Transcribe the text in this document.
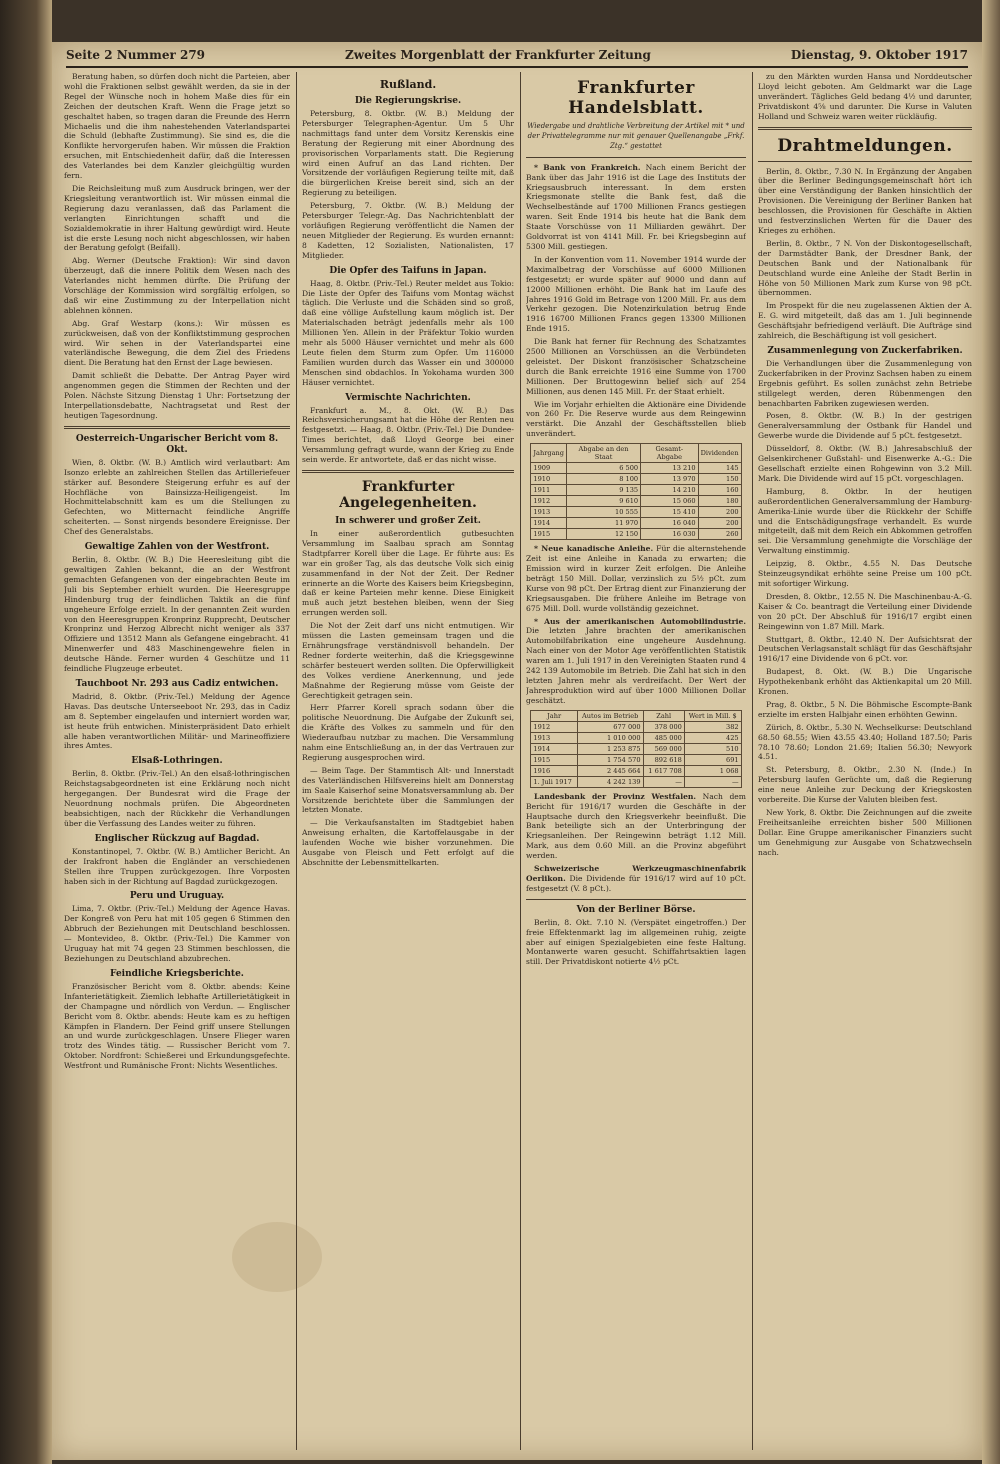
Seite 2 Nummer 279	Zweites Morgenblatt der Frankfurter Zeitung	Dienstag, 9. Oktober 1917

Beratung haben, so dürfen doch nicht die Parteien, aber wohl die Fraktionen selbst gewählt werden, da sie in der Regel der Wünsche noch in hohem Maße dies für ein Zeichen der deutschen Kraft. Wenn die Frage jetzt so geschaltet haben, so tragen daran die Freunde des Herrn Michaelis und die ihm nahestehenden Vaterlandspartei die Schuld (lebhafte Zustimmung). Sie sind es, die die Konflikte hervorgerufen haben. Wir müssen die Fraktion ersuchen, mit Entschiedenheit dafür, daß die Interessen des Vaterlandes bei dem Kanzler gleichgültig wurden fern.

Die Reichsleitung muß zum Ausdruck bringen, wer der Kriegsleitung verantwortlich ist. Wir müssen einmal die Regierung dazu veranlassen, daß das Parlament die verlangten Einrichtungen schafft und die Sozialdemokratie in ihrer Haltung gewürdigt wird. Heute ist die erste Lesung noch nicht abgeschlossen, wir haben der Beratung gefolgt (Beifall).

Abg. Werner (Deutsche Fraktion): Wir sind davon überzeugt, daß die innere Politik dem Wesen nach des Vaterlandes nicht hemmen dürfte. Die Prüfung der Vorschläge der Kommission wird sorgfältig erfolgen, so daß wir eine Zustimmung zu der Interpellation nicht ablehnen können.

Abg. Graf Westarp (kons.): Wir müssen es zurückweisen, daß von der Konfliktstimmung gesprochen wird. Wir sehen in der Vaterlandspartei eine vaterländische Bewegung, die dem Ziel des Friedens dient. Die Beratung hat den Ernst der Lage bewiesen.

Damit schließt die Debatte. Der Antrag Payer wird angenommen gegen die Stimmen der Rechten und der Polen. Nächste Sitzung Dienstag 1 Uhr: Fortsetzung der Interpellationsdebatte, Nachtragsetat und Rest der heutigen Tagesordnung.

Oesterreich-Ungarischer Bericht vom 8. Okt.

Wien, 8. Oktbr. (W. B.) Amtlich wird verlautbart: Am Isonzo erlebte an zahlreichen Stellen das Artilleriefeuer stärker auf. Besondere Steigerung erfuhr es auf der Hochfläche von Bainsizza-Heiligengeist. Im Hochmittelabschnitt kam es um die Stellungen zu Gefechten, wo Mitternacht feindliche Angriffe scheiterten. — Sonst nirgends besondere Ereignisse. Der Chef des Generalstabs.

Gewaltige Zahlen von der Westfront.

Berlin, 8. Oktbr. (W. B.) Die Heeresleitung gibt die gewaltigen Zahlen bekannt, die an der Westfront gemachten Gefangenen von der eingebrachten Beute im Juli bis September erhielt wurden. Die Heeresgruppe Hindenburg trug der feindlichen Taktik an die fünf ungeheure Erfolge erzielt. In der genannten Zeit wurden von den Heeresgruppen Kronprinz Rupprecht, Deutscher Kronprinz und Herzog Albrecht nicht weniger als 337 Offiziere und 13512 Mann als Gefangene eingebracht. 41 Minenwerfer und 483 Maschinengewehre fielen in deutsche Hände. Ferner wurden 4 Geschütze und 11 feindliche Flugzeuge erbeutet.

Tauchboot Nr. 293 aus Cadiz entwichen.

Madrid, 8. Oktbr. (Priv.-Tel.) Meldung der Agence Havas. Das deutsche Unterseeboot Nr. 293, das in Cadiz am 8. September eingelaufen und interniert worden war, ist heute früh entwichen. Ministerpräsident Dato erhielt alle haben verantwortlichen Militär- und Marineoffiziere ihres Amtes.

Elsaß-Lothringen.

Berlin, 8. Oktbr. (Priv.-Tel.) An den elsaß-lothringischen Reichstagsabgeordneten ist eine Erklärung noch nicht hergegangen. Der Bundesrat wird die Frage der Neuordnung nochmals prüfen. Die Abgeordneten beabsichtigen, nach der Rückkehr die Verhandlungen über die Verfassung des Landes weiter zu führen.

Englischer Rückzug auf Bagdad.

Konstantinopel, 7. Oktbr. (W. B.) Amtlicher Bericht. An der Irakfront haben die Engländer an verschiedenen Stellen ihre Truppen zurückgezogen. Ihre Vorposten haben sich in der Richtung auf Bagdad zurückgezogen.

Peru und Uruguay.

Lima, 7. Oktbr. (Priv.-Tel.) Meldung der Agence Havas. Der Kongreß von Peru hat mit 105 gegen 6 Stimmen den Abbruch der Beziehungen mit Deutschland beschlossen. — Montevideo, 8. Oktbr. (Priv.-Tel.) Die Kammer von Uruguay hat mit 74 gegen 23 Stimmen beschlossen, die Beziehungen zu Deutschland abzubrechen.

Feindliche Kriegsberichte.

Französischer Bericht vom 8. Oktbr. abends: Keine Infanterietätigkeit. Ziemlich lebhafte Artillerietätigkeit in der Champagne und nördlich von Verdun. — Englischer Bericht vom 8. Oktbr. abends: Heute kam es zu heftigen Kämpfen in Flandern. Der Feind griff unsere Stellungen an und wurde zurückgeschlagen. Unsere Flieger waren trotz des Windes tätig. — Russischer Bericht vom 7. Oktober. Nordfront: Schießerei und Erkundungsgefechte. Westfront und Rumänische Front: Nichts Wesentliches.

Rußland.
Die Regierungskrise.

Petersburg, 8. Oktbr. (W. B.) Meldung der Petersburger Telegraphen-Agentur. Um 5 Uhr nachmittags fand unter dem Vorsitz Kerenskis eine Beratung der Regierung mit einer Abordnung des provisorischen Vorparlaments statt. Die Regierung wird einen Aufruf an das Land richten. Der Vorsitzende der vorläufigen Regierung teilte mit, daß die bürgerlichen Kreise bereit sind, sich an der Regierung zu beteiligen.

Petersburg, 7. Oktbr. (W. B.) Meldung der Petersburger Telegr.-Ag. Das Nachrichtenblatt der vorläufigen Regierung veröffentlicht die Namen der neuen Mitglieder der Regierung. Es wurden ernannt: 8 Kadetten, 12 Sozialisten, Nationalisten, 17 Mitglieder.

Die Opfer des Taifuns in Japan.

Haag, 8. Oktbr. (Priv.-Tel.) Reuter meldet aus Tokio: Die Liste der Opfer des Taifuns vom Montag wächst täglich. Die Verluste und die Schäden sind so groß, daß eine völlige Aufstellung kaum möglich ist. Der Materialschaden beträgt jedenfalls mehr als 100 Millionen Yen. Allein in der Präfektur Tokio wurden mehr als 5000 Häuser vernichtet und mehr als 600 Leute fielen dem Sturm zum Opfer. Um 116000 Familien wurden durch das Wasser ein und 300000 Menschen sind obdachlos. In Yokohama wurden 300 Häuser vernichtet.

Vermischte Nachrichten.

Frankfurt a. M., 8. Okt. (W. B.) Das Reichsversicherungsamt hat die Höhe der Renten neu festgesetzt. — Haag, 8. Oktbr. (Priv.-Tel.) Die Dundee-Times berichtet, daß Lloyd George bei einer Versammlung gefragt wurde, wann der Krieg zu Ende sein werde. Er antwortete, daß er das nicht wisse.

Frankfurter Angelegenheiten.
In schwerer und großer Zeit.

In einer außerordentlich gutbesuchten Versammlung im Saalbau sprach am Sonntag Stadtpfarrer Korell über die Lage. Er führte aus: Es war ein großer Tag, als das deutsche Volk sich einig zusammenfand in der Not der Zeit. Der Redner erinnerte an die Worte des Kaisers beim Kriegsbeginn, daß er keine Parteien mehr kenne. Diese Einigkeit muß auch jetzt bestehen bleiben, wenn der Sieg errungen werden soll.

Die Not der Zeit darf uns nicht entmutigen. Wir müssen die Lasten gemeinsam tragen und die Ernährungsfrage verständnisvoll behandeln. Der Redner forderte weiterhin, daß die Kriegsgewinne schärfer besteuert werden sollten. Die Opferwilligkeit des Volkes verdiene Anerkennung, und jede Maßnahme der Regierung müsse vom Geiste der Gerechtigkeit getragen sein.

Herr Pfarrer Korell sprach sodann über die politische Neuordnung. Die Aufgabe der Zukunft sei, die Kräfte des Volkes zu sammeln und für den Wiederaufbau nutzbar zu machen. Die Versammlung nahm eine Entschließung an, in der das Vertrauen zur Regierung ausgesprochen wird.

— Beim Tage. Der Stammtisch Alt- und Innerstadt des Vaterländischen Hilfsvereins hielt am Donnerstag im Saale Kaiserhof seine Monatsversammlung ab. Der Vorsitzende berichtete über die Sammlungen der letzten Monate.

— Die Verkaufsanstalten im Stadtgebiet haben Anweisung erhalten, die Kartoffelausgabe in der laufenden Woche wie bisher vorzunehmen. Die Ausgabe von Fleisch und Fett erfolgt auf die Abschnitte der Lebensmittelkarten.

Frankfurter Handelsblatt.
Wiedergabe und drahtliche Verbreitung der Artikel mit * und der Privattelegramme nur mit genauer Quellenangabe „Frkf. Ztg.“ gestattet

* Bank von Frankreich. Nach einem Bericht der Bank über das Jahr 1916 ist die Lage des Instituts der Kriegsausbruch interessant. In dem ersten Kriegsmonate stellte die Bank fest, daß die Wechselbestände auf 1700 Millionen Francs gestiegen waren. Seit Ende 1914 bis heute hat die Bank dem Staate Vorschüsse von 11 Milliarden gewährt. Der Goldvorrat ist von 4141 Mill. Fr. bei Kriegsbeginn auf 5300 Mill. gestiegen.

In der Konvention vom 11. November 1914 wurde der Maximalbetrag der Vorschüsse auf 6000 Millionen festgesetzt; er wurde später auf 9000 und dann auf 12000 Millionen erhöht. Die Bank hat im Laufe des Jahres 1916 Gold im Betrage von 1200 Mill. Fr. aus dem Verkehr gezogen. Die Notenzirkulation betrug Ende 1916 16700 Millionen Francs gegen 13300 Millionen Ende 1915.

Die Bank hat ferner für Rechnung des Schatzamtes 2500 Millionen an Vorschüssen an die Verbündeten geleistet. Der Diskont französischer Schatzscheine durch die Bank erreichte 1916 eine Summe von 1700 Millionen. Der Bruttogewinn belief sich auf 254 Millionen, aus denen 145 Mill. Fr. der Staat erhielt.

Wie im Vorjahr erhielten die Aktionäre eine Dividende von 260 Fr. Die Reserve wurde aus dem Reingewinn verstärkt. Die Anzahl der Geschäftsstellen blieb unverändert.

Jahrgang	Abgabe an den Staat	Gesamt-Abgabe	Dividenden
1909	6 500	13 210	145
1910	8 100	13 970	150
1911	9 135	14 210	160
1912	9 610	15 060	180
1913	10 555	15 410	200
1914	11 970	16 040	200
1915	12 150	16 030	260

* Neue kanadische Anleihe. Für die alternstehende Zeit ist eine Anleihe in Kanada zu erwarten; die Emission wird in kurzer Zeit erfolgen. Die Anleihe beträgt 150 Mill. Dollar, verzinslich zu 5½ pCt. zum Kurse von 98 pCt. Der Ertrag dient zur Finanzierung der Kriegsausgaben. Die frühere Anleihe im Betrage von 675 Mill. Doll. wurde vollständig gezeichnet.

* Aus der amerikanischen Automobilindustrie. Die letzten Jahre brachten der amerikanischen Automobilfabrikation eine ungeheure Ausdehnung. Nach einer von der Motor Age veröffentlichten Statistik waren am 1. Juli 1917 in den Vereinigten Staaten rund 4 242 139 Automobile im Betrieb. Die Zahl hat sich in den letzten Jahren mehr als verdreifacht. Der Wert der Jahresproduktion wird auf über 1000 Millionen Dollar geschätzt.

Jahr	Autos im Betrieb	Zahl	Wert in Mill. $
1912	677 000	378 000	382
1913	1 010 000	485 000	425
1914	1 253 875	569 000	510
1915	1 754 570	892 618	691
1916	2 445 664	1 617 708	1 068
1. Juli 1917	4 242 139	—	—

Landesbank der Provinz Westfalen. Nach dem Bericht für 1916/17 wurden die Geschäfte in der Hauptsache durch den Kriegsverkehr beeinflußt. Die Bank beteiligte sich an der Unterbringung der Kriegsanleihen. Der Reingewinn beträgt 1.12 Mill. Mark, aus dem 0.60 Mill. an die Provinz abgeführt werden.

Schweizerische Werkzeugmaschinenfabrik Oerlikon. Die Dividende für 1916/17 wird auf 10 pCt. festgesetzt (V. 8 pCt.).

Von der Berliner Börse.

Berlin, 8. Okt. 7.10 N. (Verspätet eingetroffen.) Der freie Effektenmarkt lag im allgemeinen ruhig, zeigte aber auf einigen Spezialgebieten eine feste Haltung. Montanwerte waren gesucht. Schiffahrtsaktien lagen still. Der Privatdiskont notierte 4½ pCt.

zu den Märkten wurden Hansa und Norddeutscher Lloyd leicht geboten. Am Geldmarkt war die Lage unverändert. Tägliches Geld bedang 4½ und darunter, Privatdiskont 4⅝ und darunter. Die Kurse in Valuten Holland und Schweiz waren weiter rückläufig.

Drahtmeldungen.

Berlin, 8. Oktbr., 7.30 N. In Ergänzung der Angaben über die Berliner Bedingungsgemeinschaft hört ich über eine Verständigung der Banken hinsichtlich der Provisionen. Die Vereinigung der Berliner Banken hat beschlossen, die Provisionen für Geschäfte in Aktien und festverzinslichen Werten für die Dauer des Krieges zu erhöhen.

Berlin, 8. Oktbr., 7 N. Von der Diskontogesellschaft, der Darmstädter Bank, der Dresdner Bank, der Deutschen Bank und der Nationalbank für Deutschland wurde eine Anleihe der Stadt Berlin in Höhe von 50 Millionen Mark zum Kurse von 98 pCt. übernommen.

Im Prospekt für die neu zugelassenen Aktien der A. E. G. wird mitgeteilt, daß das am 1. Juli beginnende Geschäftsjahr befriedigend verläuft. Die Aufträge sind zahlreich, die Beschäftigung ist voll gesichert.

Zusammenlegung von Zuckerfabriken.

Die Verhandlungen über die Zusammenlegung von Zuckerfabriken in der Provinz Sachsen haben zu einem Ergebnis geführt. Es sollen zunächst zehn Betriebe stillgelegt werden, deren Rübenmengen den benachbarten Fabriken zugewiesen werden.

Posen, 8. Oktbr. (W. B.) In der gestrigen Generalversammlung der Ostbank für Handel und Gewerbe wurde die Dividende auf 5 pCt. festgesetzt.

Düsseldorf, 8. Oktbr. (W. B.) Jahresabschluß der Gelsenkirchener Gußstahl- und Eisenwerke A.-G.: Die Gesellschaft erzielte einen Rohgewinn von 3.2 Mill. Mark. Die Dividende wird auf 15 pCt. vorgeschlagen.

Hamburg, 8. Oktbr. In der heutigen außerordentlichen Generalversammlung der Hamburg-Amerika-Linie wurde über die Rückkehr der Schiffe und die Entschädigungsfrage verhandelt. Es wurde mitgeteilt, daß mit dem Reich ein Abkommen getroffen sei. Die Versammlung genehmigte die Vorschläge der Verwaltung einstimmig.

Leipzig, 8. Oktbr., 4.55 N. Das Deutsche Steinzeugsyndikat erhöhte seine Preise um 100 pCt. mit sofortiger Wirkung.

Dresden, 8. Oktbr., 12.55 N. Die Maschinenbau-A.-G. Kaiser & Co. beantragt die Verteilung einer Dividende von 20 pCt. Der Abschluß für 1916/17 ergibt einen Reingewinn von 1.87 Mill. Mark.

Stuttgart, 8. Oktbr., 12.40 N. Der Aufsichtsrat der Deutschen Verlagsanstalt schlägt für das Geschäftsjahr 1916/17 eine Dividende von 6 pCt. vor.

Budapest, 8. Okt. (W. B.) Die Ungarische Hypothekenbank erhöht das Aktienkapital um 20 Mill. Kronen.

Prag, 8. Oktbr., 5 N. Die Böhmische Escompte-Bank erzielte im ersten Halbjahr einen erhöhten Gewinn.

Zürich, 8. Oktbr., 5.30 N. Wechselkurse: Deutschland 68.50 68.55; Wien 43.55 43.40; Holland 187.50; Paris 78.10 78.60; London 21.69; Italien 56.30; Newyork 4.51.

St. Petersburg, 8. Oktbr., 2.30 N. (Inde.) In Petersburg laufen Gerüchte um, daß die Regierung eine neue Anleihe zur Deckung der Kriegskosten vorbereite. Die Kurse der Valuten bleiben fest.

New York, 8. Oktbr. Die Zeichnungen auf die zweite Freiheitsanleihe erreichten bisher 500 Millionen Dollar. Eine Gruppe amerikanischer Finanziers sucht um Genehmigung zur Ausgabe von Schatzwechseln nach.
